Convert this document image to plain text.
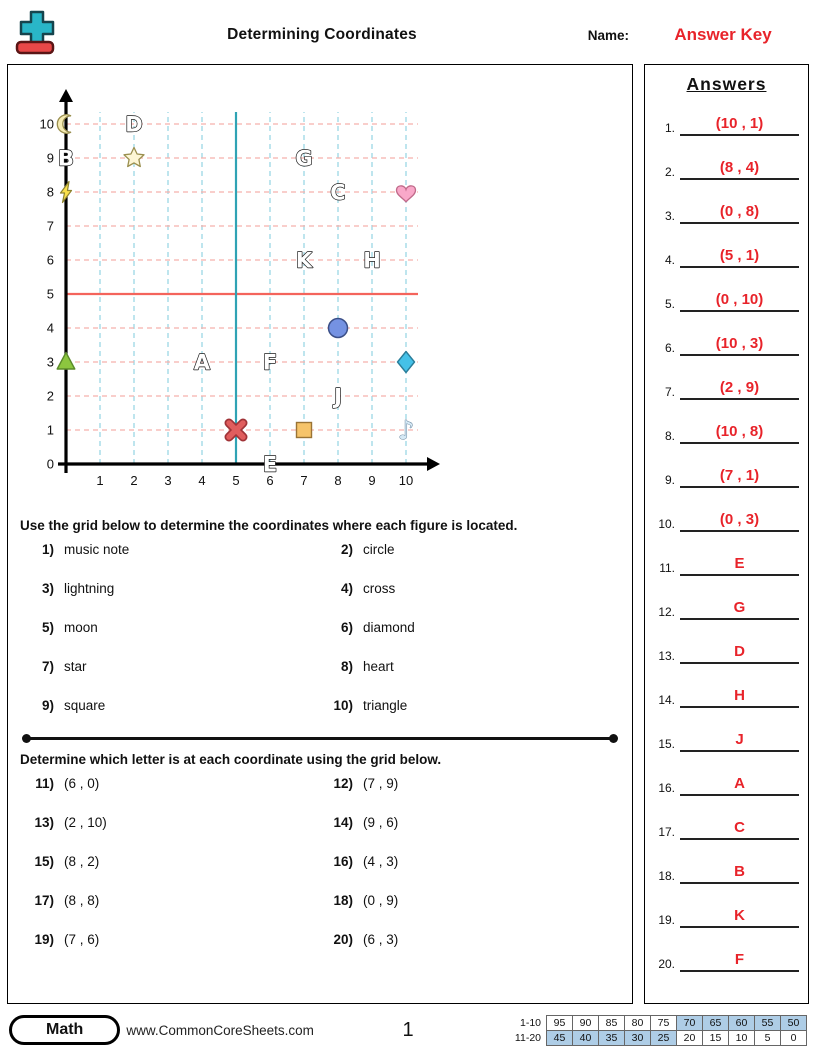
Determining Coordinates	Name:	Answer Key
1 2 3 4 5 6 7 8 9 10
0
1
2
3
4
5
6
7
8
9
10	D
B	G
C
K H
A	F
J
E
♪
Use the grid below to determine the coordinates where each figure is located.
1) music note	2) circle
3) lightning	4) cross
5) moon	6) diamond
7) star	8) heart
9) square	10) triangle
Determine which letter is at each coordinate using the grid below.
11) (6 , 0)	12) (7 , 9)
13) (2 , 10)	14) (9 , 6)
15) (8 , 2)	16) (4 , 3)
17) (8 , 8)	18) (0 , 9)
19) (7 , 6)	20) (6 , 3)
Answers
1.	(10 , 1)
2.	(8 , 4)
3.	(0 , 8)
4.	(5 , 1)
5.	(0 , 10)
6.	(10 , 3)
7.	(2 , 9)
8.	(10 , 8)
9.	(7 , 1)
10.	(0 , 3)
11.	E
12.	G
13.	D
14.	H
15.	J
16.	A
17.	C
18.	B
19.	K
20.	F
Math	www.CommonCoreSheets.com	1	1-10	95	90	85	80	75	70	65	60	55	50
11-20	45	40	35	30	25	20	15	10	5	0
